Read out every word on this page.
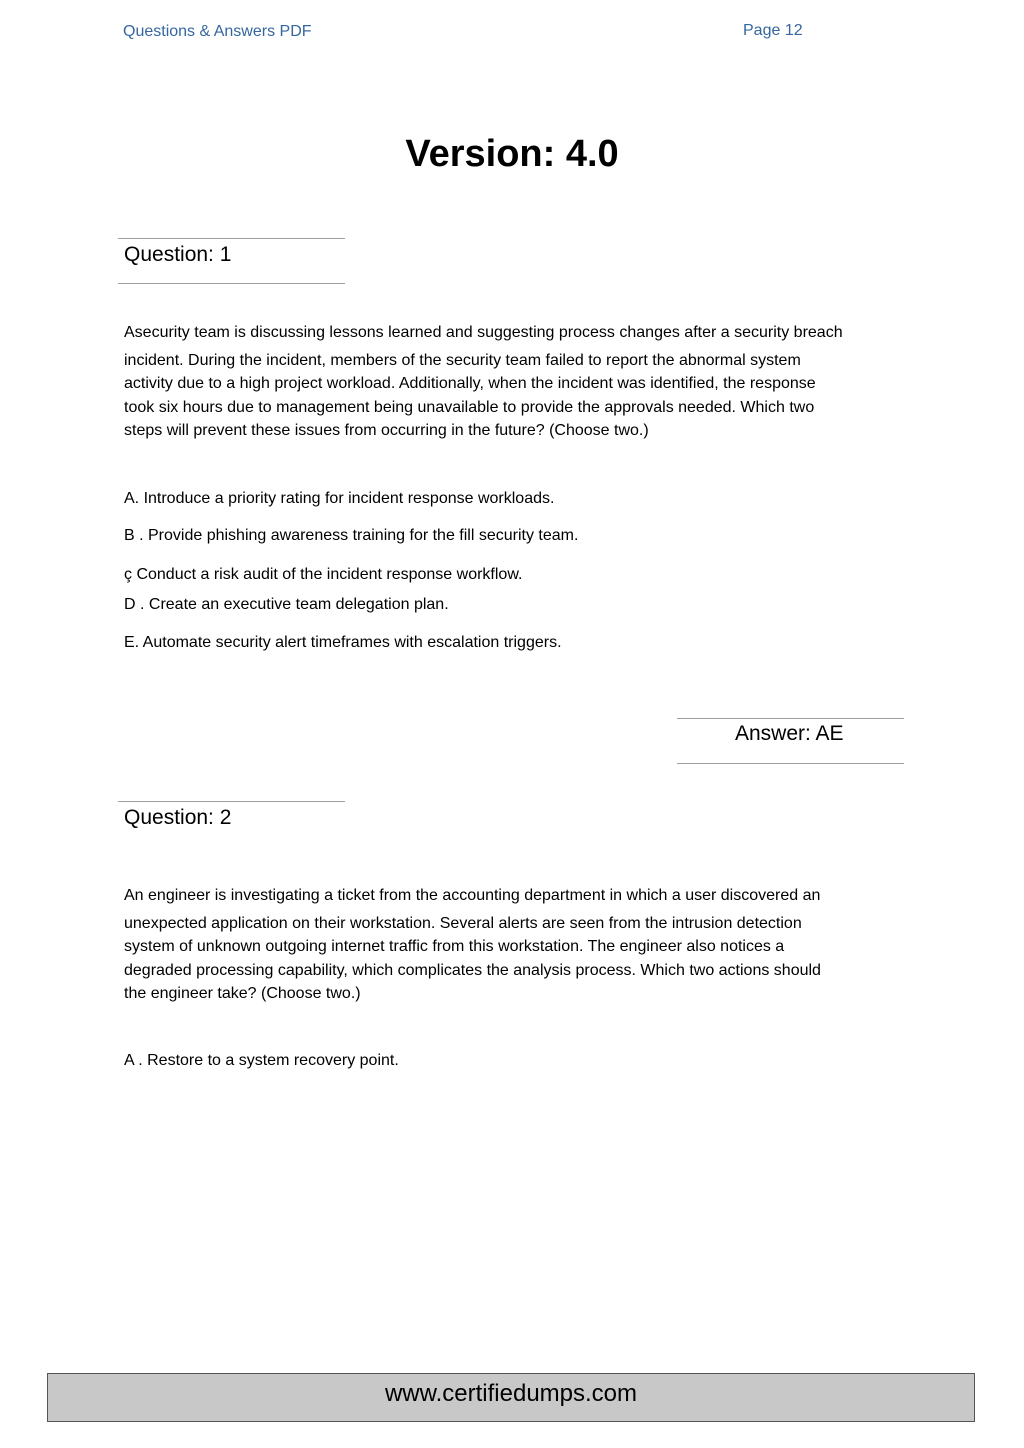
Questions & Answers PDF	Page 12
Version: 4.0
Question: 1
Asecurity team is discussing lessons learned and suggesting process changes after a security breach
incident. During the incident, members of the security team failed to report the abnormal system
activity due to a high project workload. Additionally, when the incident was identified, the response
took six hours due to management being unavailable to provide the approvals needed. Which two
steps will prevent these issues from occurring in the future? (Choose two.)
A. Introduce a priority rating for incident response workloads.
B . Provide phishing awareness training for the fill security team.
ç Conduct a risk audit of the incident response workflow.
D . Create an executive team delegation plan.
E. Automate security alert timeframes with escalation triggers.
Answer: AE
Question: 2
An engineer is investigating a ticket from the accounting department in which a user discovered an
unexpected application on their workstation. Several alerts are seen from the intrusion detection
system of unknown outgoing internet traffic from this workstation. The engineer also notices a
degraded processing capability, which complicates the analysis process. Which two actions should
the engineer take? (Choose two.)
A . Restore to a system recovery point.
www.certifiedumps.com
